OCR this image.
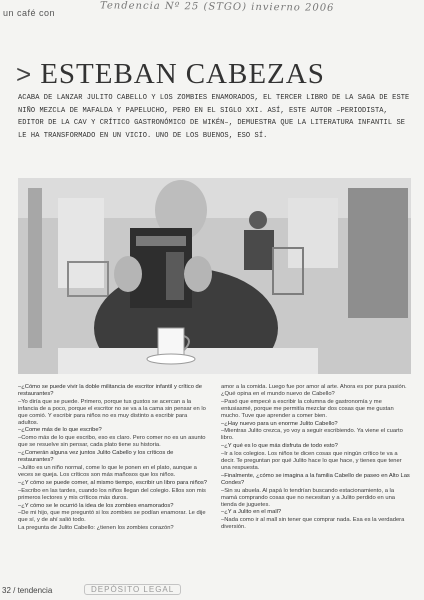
un café con	Tendencia Nº 25 (STGO) invierno 2006
> ESTEBAN CABEZAS

ACABA DE LANZAR JULITO CABELLO Y LOS ZOMBIES ENAMORADOS, EL TERCER LIBRO DE LA SAGA DE ESTE NIÑO MEZCLA DE MAFALDA Y PAPELUCHO, PERO EN EL SIGLO XXI. ASÍ, ESTE AUTOR –PERIODISTA, EDITOR DE LA CAV Y CRÍTICO GASTRONÓMICO DE WIKÉN–, DEMUESTRA QUE LA LITERATURA INFANTIL SE LE HA TRANSFORMADO EN UN VICIO. UNO DE LOS BUENOS, ESO SÍ.

–¿Cómo se puede vivir la doble militancia de escritor infantil y crítico de restaurantes?

–Yo diría que se puede. Primero, porque tus gustos se acercan a la infancia de a poco, porque el escritor no se va a la cama sin pensar en lo que comió. Y escribir para niños no es muy distinto a escribir para adultos.

–¿Come más de lo que escribe?

–Como más de lo que escribo, eso es claro. Pero comer no es un asunto que se resuelve sin pensar, cada plato tiene su historia.

–¿Comerán alguna vez juntos Julito Cabello y los críticos de restaurantes?

–Julito es un niño normal, come lo que le ponen en el plato, aunque a veces se queja. Los críticos son más mañosos que los niños.

–¿Y cómo se puede comer, al mismo tiempo, escribir un libro para niños?

–Escribo en las tardes, cuando los niños llegan del colegio. Ellos son mis primeros lectores y mis críticos más duros.

–¿Y cómo se le ocurrió la idea de los zombies enamorados?

–De mi hijo, que me preguntó si los zombies se podían enamorar. Le dije que sí, y de ahí salió todo.

La pregunta de Julito Cabello: ¿tienen los zombies corazón?

amor a la comida. Luego fue por amor al arte. Ahora es por pura pasión. ¿Qué opina en el mundo nuevo de Cabello?

–Pasó que empecé a escribir la columna de gastronomía y me entusiasmé, porque me permitía mezclar dos cosas que me gustan mucho. Tuve que aprender a comer bien.

–¿Hay nuevo para un enorme Julito Cabello?

–Mientras Julito crezca, yo voy a seguir escribiendo. Ya viene el cuarto libro.

–¿Y qué es lo que más disfruta de todo esto?

–Ir a los colegios. Los niños te dicen cosas que ningún crítico te va a decir. Te preguntan por qué Julito hace lo que hace, y tienes que tener una respuesta.

–Finalmente, ¿cómo se imagina a la familia Cabello de paseo en Alto Las Condes?

–Sin su abuela. Al papá lo tendrían buscando estacionamiento, a la mamá comprando cosas que no necesitan y a Julito perdido en una tienda de juguetes.

–¿Y a Julito en el mall?

–Nada como ir al mall sin tener que comprar nada. Esa es la verdadera diversión.

32 / tendencia	DEPÓSITO LEGAL
